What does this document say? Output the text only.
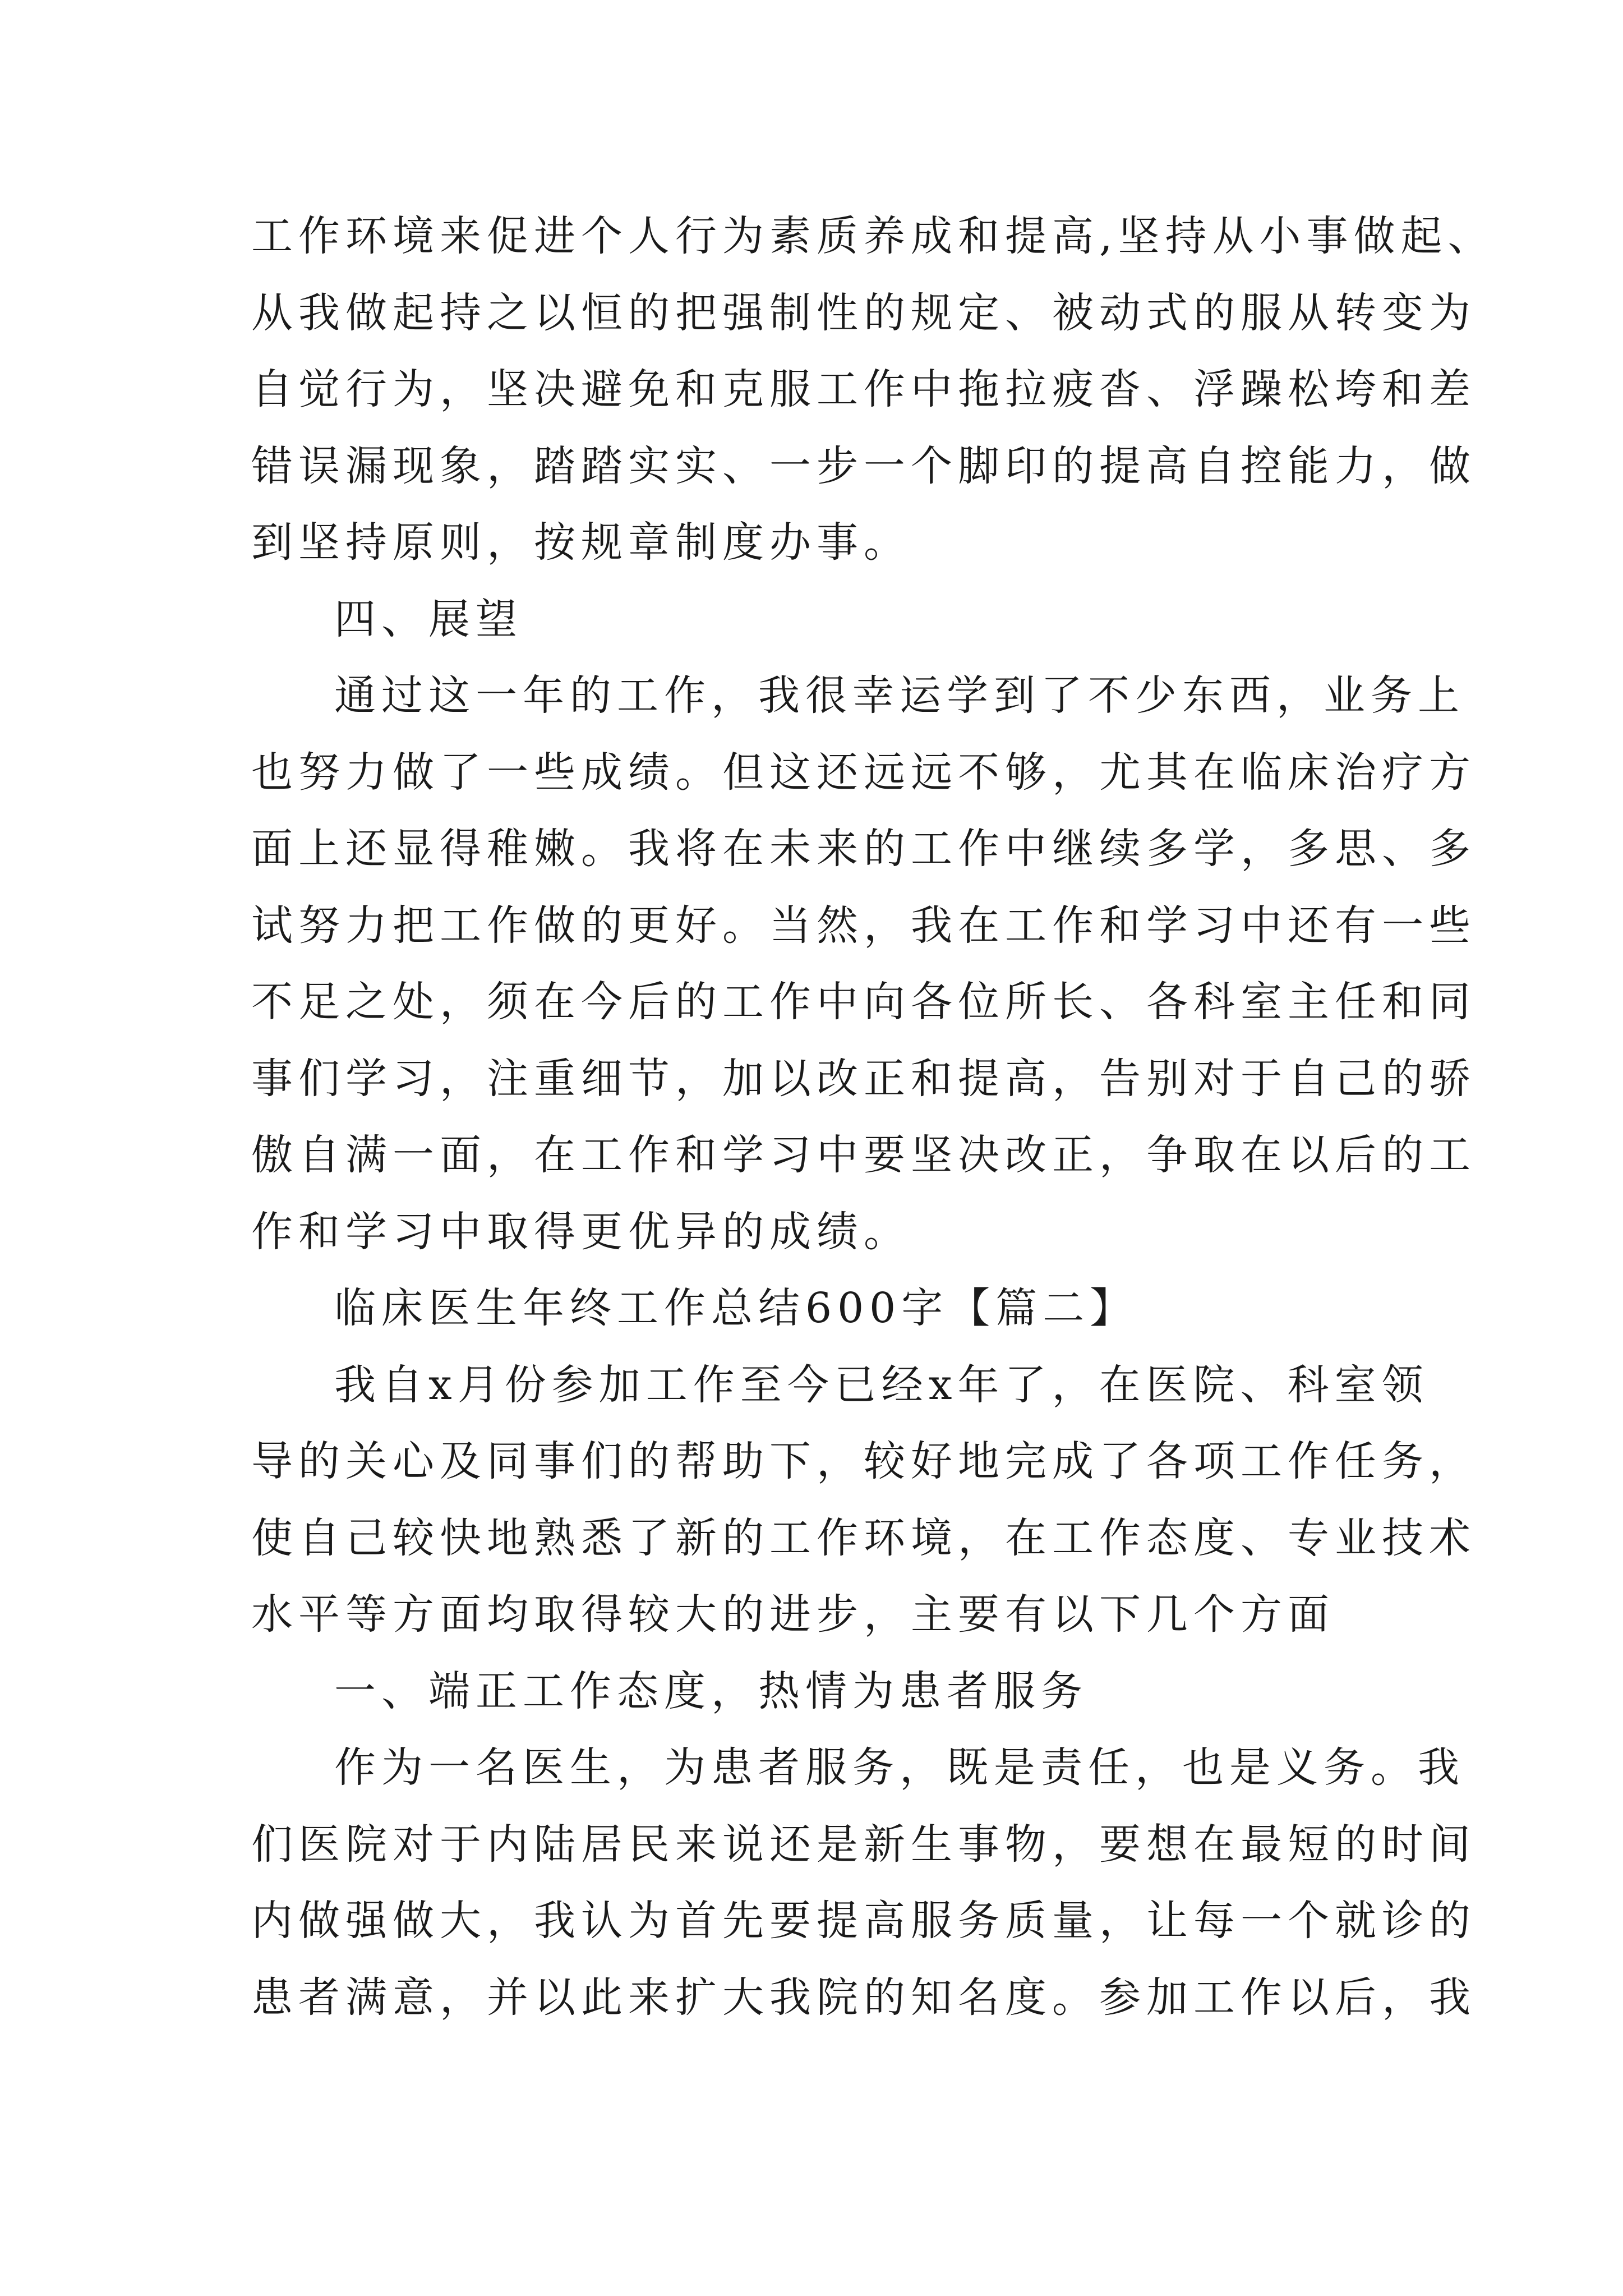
工作环境来促进个人行为素质养成和提高,坚持从小事做起、
从我做起持之以恒的把强制性的规定、被动式的服从转变为
自觉行为，坚决避免和克服工作中拖拉疲沓、浮躁松垮和差
错误漏现象，踏踏实实、一步一个脚印的提高自控能力，做
到坚持原则，按规章制度办事。
四、展望
通过这一年的工作，我很幸运学到了不少东西，业务上
也努力做了一些成绩。但这还远远不够，尤其在临床治疗方
面上还显得稚嫩。我将在未来的工作中继续多学，多思、多
试努力把工作做的更好。当然，我在工作和学习中还有一些
不足之处，须在今后的工作中向各位所长、各科室主任和同
事们学习，注重细节，加以改正和提高，告别对于自己的骄
傲自满一面，在工作和学习中要坚决改正，争取在以后的工
作和学习中取得更优异的成绩。
临床医生年终工作总结600字【篇二】
我自x月份参加工作至今已经x年了，在医院、科室领
导的关心及同事们的帮助下，较好地完成了各项工作任务，
使自己较快地熟悉了新的工作环境，在工作态度、专业技术
水平等方面均取得较大的进步，主要有以下几个方面
一、端正工作态度，热情为患者服务
作为一名医生，为患者服务，既是责任，也是义务。我
们医院对于内陆居民来说还是新生事物，要想在最短的时间
内做强做大，我认为首先要提高服务质量，让每一个就诊的
患者满意，并以此来扩大我院的知名度。参加工作以后，我
